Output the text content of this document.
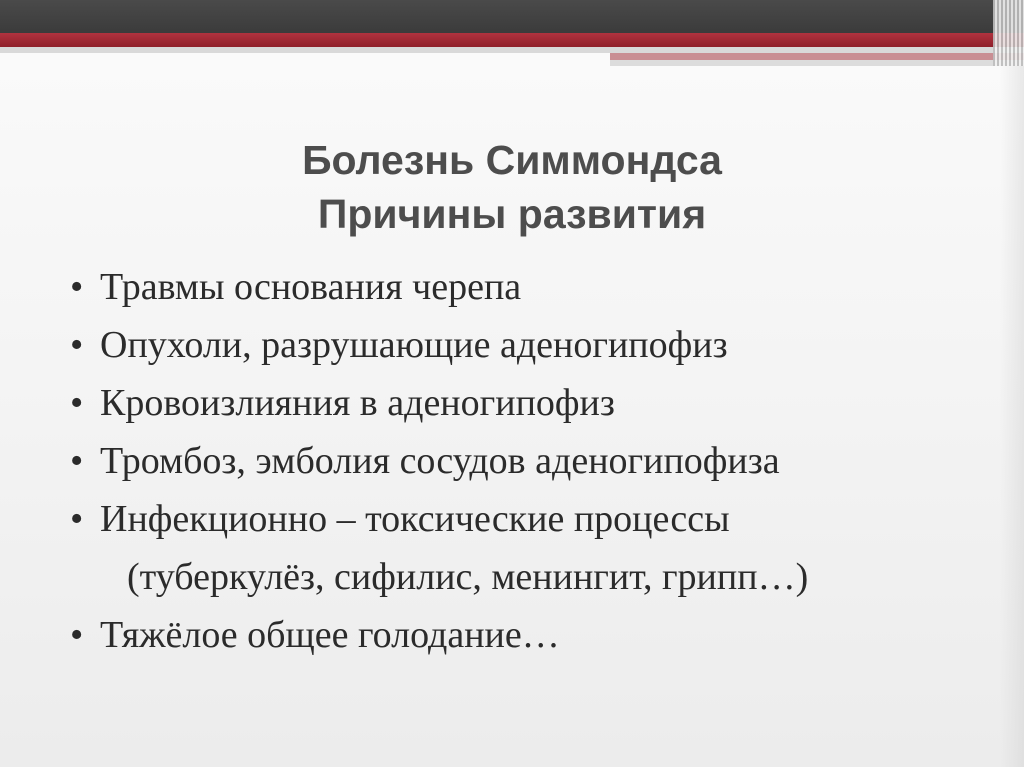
Болезнь Симмондса
Причины развития
• Травмы основания черепа
• Опухоли, разрушающие аденогипофиз
• Кровоизлияния в аденогипофиз
• Тромбоз, эмболия сосудов аденогипофиза
• Инфекционно – токсические процессы
(туберкулёз, сифилис, менингит, грипп…)
• Тяжёлое общее голодание…
